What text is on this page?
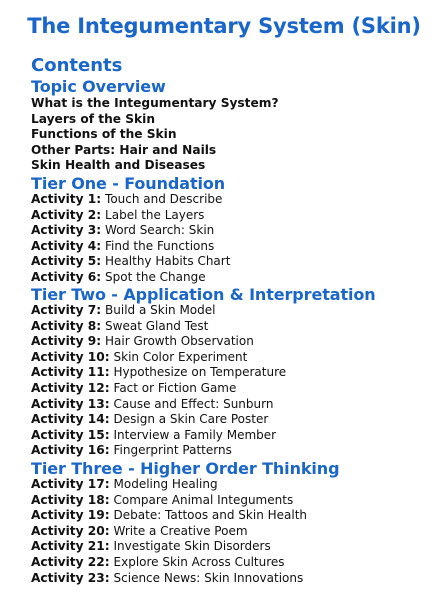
The Integumentary System (Skin)
Contents
Topic Overview
What is the Integumentary System?
Layers of the Skin
Functions of the Skin
Other Parts: Hair and Nails
Skin Health and Diseases
Tier One - Foundation
Activity 1: Touch and Describe
Activity 2: Label the Layers
Activity 3: Word Search: Skin
Activity 4: Find the Functions
Activity 5: Healthy Habits Chart
Activity 6: Spot the Change
Tier Two - Application & Interpretation
Activity 7: Build a Skin Model
Activity 8: Sweat Gland Test
Activity 9: Hair Growth Observation
Activity 10: Skin Color Experiment
Activity 11: Hypothesize on Temperature
Activity 12: Fact or Fiction Game
Activity 13: Cause and Effect: Sunburn
Activity 14: Design a Skin Care Poster
Activity 15: Interview a Family Member
Activity 16: Fingerprint Patterns
Tier Three - Higher Order Thinking
Activity 17: Modeling Healing
Activity 18: Compare Animal Integuments
Activity 19: Debate: Tattoos and Skin Health
Activity 20: Write a Creative Poem
Activity 21: Investigate Skin Disorders
Activity 22: Explore Skin Across Cultures
Activity 23: Science News: Skin Innovations
